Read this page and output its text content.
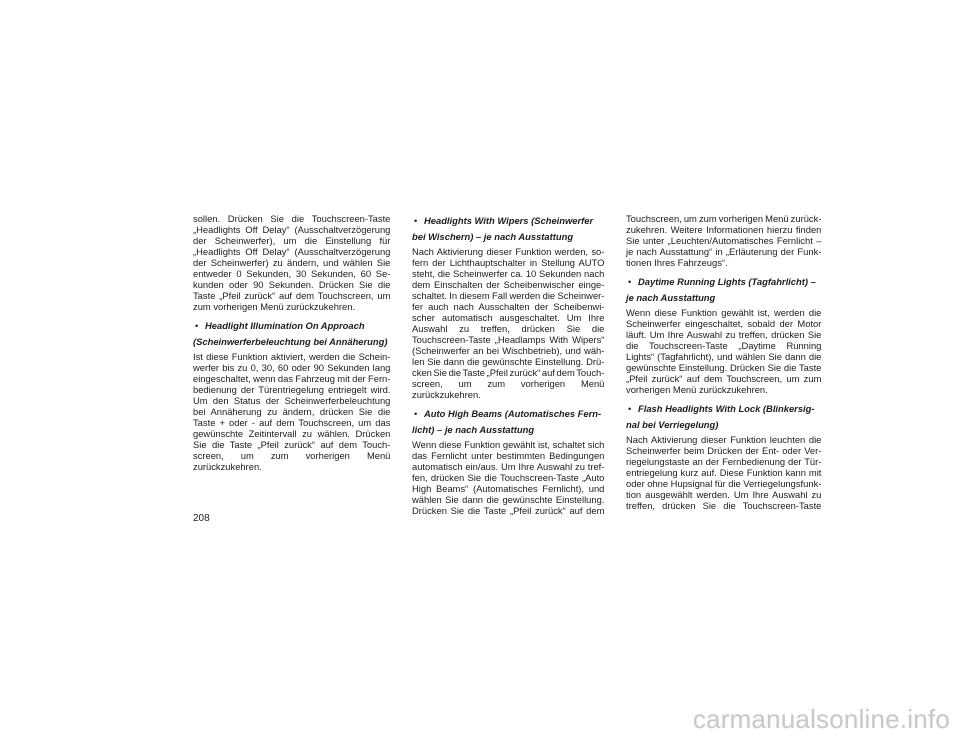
sollen. Drücken Sie die Touchscreen-Taste
„Headlights Off Delay“ (Ausschaltverzögerung
der Scheinwerfer), um die Einstellung für
„Headlights Off Delay“ (Ausschaltverzögerung
der Scheinwerfer) zu ändern, und wählen Sie
entweder 0 Sekunden, 30 Sekunden, 60 Se-
kunden oder 90 Sekunden. Drücken Sie die
Taste „Pfeil zurück“ auf dem Touchscreen, um
zum vorherigen Menü zurückzukehren.
• Headlight Illumination On Approach
(Scheinwerferbeleuchtung bei Annäherung)
Ist diese Funktion aktiviert, werden die Schein-
werfer bis zu 0, 30, 60 oder 90 Sekunden lang
eingeschaltet, wenn das Fahrzeug mit der Fern-
bedienung der Türentriegelung entriegelt wird.
Um den Status der Scheinwerferbeleuchtung
bei Annäherung zu ändern, drücken Sie die
Taste + oder - auf dem Touchscreen, um das
gewünschte Zeitintervall zu wählen. Drücken
Sie die Taste „Pfeil zurück“ auf dem Touch-
screen, um zum vorherigen Menü
zurückzukehren.
• Headlights With Wipers (Scheinwerfer
bei Wischern) – je nach Ausstattung
Nach Aktivierung dieser Funktion werden, so-
fern der Lichthauptschalter in Stellung AUTO
steht, die Scheinwerfer ca. 10 Sekunden nach
dem Einschalten der Scheibenwischer einge-
schaltet. In diesem Fall werden die Scheinwer-
fer auch nach Ausschalten der Scheibenwi-
scher automatisch ausgeschaltet. Um Ihre
Auswahl zu treffen, drücken Sie die
Touchscreen-Taste „Headlamps With Wipers“
(Scheinwerfer an bei Wischbetrieb), und wäh-
len Sie dann die gewünschte Einstellung. Drü-
cken Sie die Taste „Pfeil zurück“ auf dem Touch-
screen, um zum vorherigen Menü
zurückzukehren.
• Auto High Beams (Automatisches Fern-
licht) – je nach Ausstattung
Wenn diese Funktion gewählt ist, schaltet sich
das Fernlicht unter bestimmten Bedingungen
automatisch ein/aus. Um Ihre Auswahl zu tref-
fen, drücken Sie die Touchscreen-Taste „Auto
High Beams“ (Automatisches Fernlicht), und
wählen Sie dann die gewünschte Einstellung.
Drücken Sie die Taste „Pfeil zurück“ auf dem
Touchscreen, um zum vorherigen Menü zurück-
zukehren. Weitere Informationen hierzu finden
Sie unter „Leuchten/Automatisches Fernlicht –
je nach Ausstattung“ in „Erläuterung der Funk-
tionen Ihres Fahrzeugs“.
• Daytime Running Lights (Tagfahrlicht) –
je nach Ausstattung
Wenn diese Funktion gewählt ist, werden die
Scheinwerfer eingeschaltet, sobald der Motor
läuft. Um Ihre Auswahl zu treffen, drücken Sie
die Touchscreen-Taste „Daytime Running
Lights“ (Tagfahrlicht), und wählen Sie dann die
gewünschte Einstellung. Drücken Sie die Taste
„Pfeil zurück“ auf dem Touchscreen, um zum
vorherigen Menü zurückzukehren.
• Flash Headlights With Lock (Blinkersig-
nal bei Verriegelung)
Nach Aktivierung dieser Funktion leuchten die
Scheinwerfer beim Drücken der Ent- oder Ver-
riegelungstaste an der Fernbedienung der Tür-
entriegelung kurz auf. Diese Funktion kann mit
oder ohne Hupsignal für die Verriegelungsfunk-
tion ausgewählt werden. Um Ihre Auswahl zu
treffen, drücken Sie die Touchscreen-Taste
208
carmanualsonline.info
